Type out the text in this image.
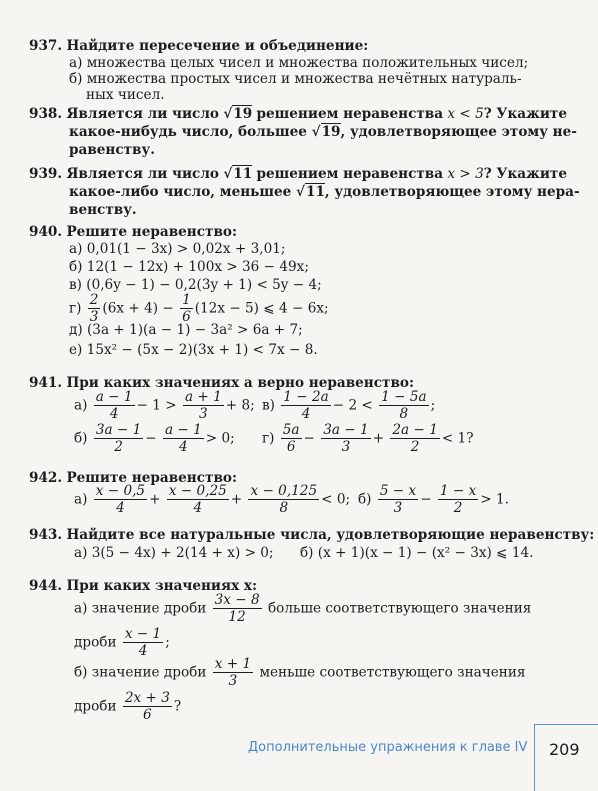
937. Найдите пересечение и объединение:
а) множества целых чисел и множества положительных чисел;
б) множества простых чисел и множества нечётных натураль-
ных чисел.
938. Является ли число √19 решением неравенства x < 5? Укажите
какое-нибудь число, большее √19, удовлетворяющее этому не-
равенству.
939. Является ли число √11 решением неравенства x > 3? Укажите
какое-либо число, меньшее √11, удовлетворяющее этому нера-
венству.
940. Решите неравенство:
а) 0,01(1 − 3x) > 0,02x + 3,01;
б) 12(1 − 12x) + 100x > 36 − 49x;
в) (0,6y − 1) − 0,2(3y + 1) < 5y − 4;
$г) \frac{2}{3} (6x + 4) - \frac{1}{6} (12x - 5)$ ⩽ 4 − 6x;
д) (3a + 1)(a − 1) − 3a² > 6a + 7;
е) 15x² − (5x − 2)(3x + 1) < 7x − 8.
941. При каких значениях a верно неравенство:
$а) \frac{a - 1}{4} - 1 > \frac{a + 1}{3} + 8$; $в) \frac{1 - 2a}{4} - 2 < \frac{1 - 5a}{8}$ ;
$б) \frac{3a - 1}{2} - \frac{a - 1}{4} > 0$; $г) \frac{5a}{6} - \frac{3a - 1}{3} + \frac{2a - 1}{2} < 1$?
942. Решите неравенство:
$а) \frac{x - 0,5}{4} + \frac{x - 0,25}{4} + \frac{x - 0,125}{8} < 0$; $б) \frac{5 - x}{3} - \frac{1 - x}{2} > 1$.
943. Найдите все натуральные числа, удовлетворяющие неравенству:
а) 3(5 − 4x) + 2(14 + x) > 0; б) (x + 1)(x − 1) − (x² − 3x) ⩽ 14.
944. При каких значениях x:
а) значение дроби $\frac{3x - 8}{12}$ больше соответствующего значения
дроби $\frac{x - 1}{4}$ ;
б) значение дроби $\frac{x + 1}{3}$ меньше соответствующего значения
дроби $\frac{2x + 3}{6}$ ?
Дополнительные упражнения к главе IV 209
